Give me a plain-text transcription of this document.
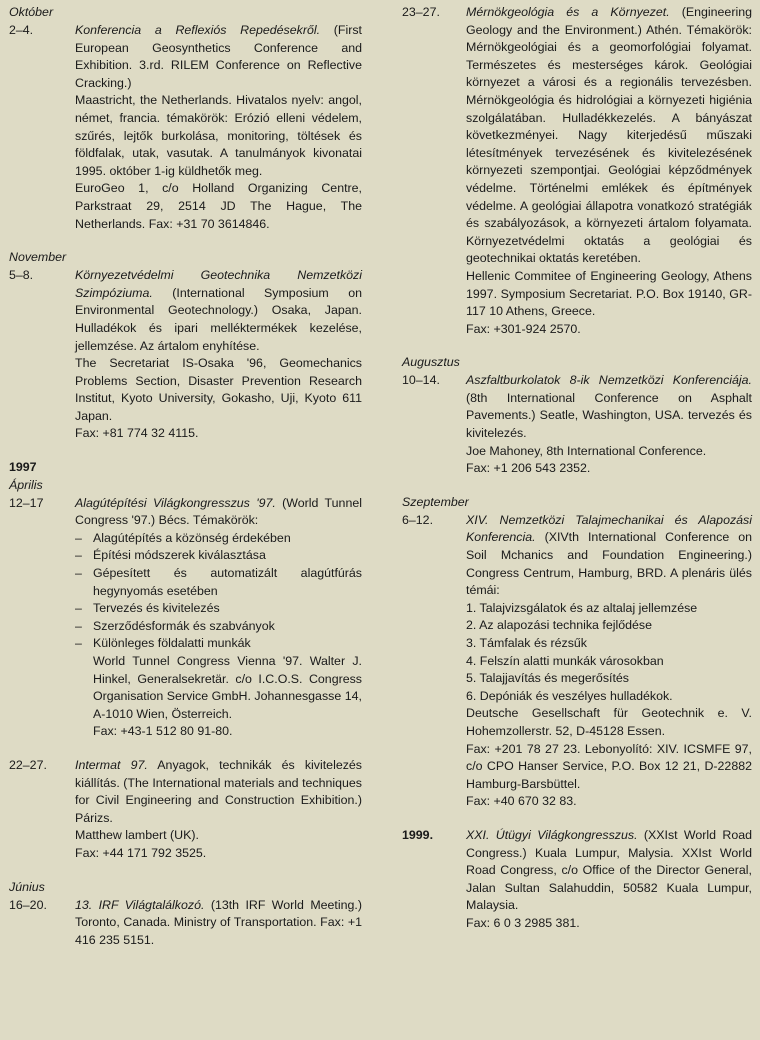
Október
2–4.	Konferencia a Reflexiós Repedésekről. (First European Geosynthetics Conference and Exhibition. 3.rd. RILEM Conference on Reflective Cracking.)
Maastricht, the Netherlands. Hivatalos nyelv: angol, német, francia. témakörök: Erózió elleni védelem, szűrés, lejtők burkolása, monitoring, töltések és földfalak, utak, vasutak. A tanulmányok kivonatai 1995. október 1-ig küldhetők meg.
EuroGeo 1, c/o Holland Organizing Centre, Parkstraat 29, 2514 JD The Hague, The Netherlands. Fax: +31 70 3614846.
November
5–8.	Környezetvédelmi Geotechnika Nemzetközi Szimpóziuma. (International Symposium on Environmental Geotechnology.) Osaka, Japan. Hulladékok és ipari melléktermékek kezelése, jellemzése. Az ártalom enyhítése.
The Secretariat IS-Osaka '96, Geomechanics Problems Section, Disaster Prevention Research Institut, Kyoto University, Gokasho, Uji, Kyoto 611 Japan.
Fax: +81 774 32 4115.
1997
Április
12–17	Alagútépítési Világkongresszus '97. (World Tunnel Congress '97.) Bécs. Témakörök:
– Alagútépítés a közönség érdekében
– Építési módszerek kiválasztása
– Gépesített és automatizált alagútfúrás hegynyomás esetében
– Tervezés és kivitelezés
– Szerződésformák és szabványok
– Különleges földalatti munkák
World Tunnel Congress Vienna '97. Walter J. Hinkel, Generalsekretär. c/o I.C.O.S. Congress Organisation Service GmbH. Johannesgasse 14, A-1010 Wien, Österreich.
Fax: +43-1 512 80 91-80.
22–27.	Intermat 97. Anyagok, technikák és kivitelezés kiállítás. (The International materials and techniques for Civil Engineering and Construction Exhibition.) Párizs.
Matthew lambert (UK).
Fax: +44 171 792 3525.
Június
16–20.	13. IRF Világtalálkozó. (13th IRF World Meeting.) Toronto, Canada. Ministry of Transportation. Fax: +1 416 235 5151.
23–27.	Mérnökgeológia és a Környezet. (Engineering Geology and the Environment.) Athén. Témakörök: Mérnökgeológiai és a geomorfológiai folyamat. Természetes és mesterséges károk. Geológiai környezet a városi és a regionális tervezésben. Mérnökgeológia és hidrológiai a környezeti higiénia szolgálatában. Hulladékkezelés. A bányászat következményei. Nagy kiterjedésű műszaki létesítmények tervezésének és kivitelezésének környezeti szempontjai. Geológiai képződmények védelme. Történelmi emlékek és építmények védelme. A geológiai állapotra vonatkozó stratégiák és szabályozások, a környezeti ártalom folyamata. Környezetvédelmi oktatás a geológiai és geotechnikai oktatás keretében.
Hellenic Commitee of Engineering Geology, Athens 1997. Symposium Secretariat. P.O. Box 19140, GR-117 10 Athens, Greece.
Fax: +301-924 2570.
Augusztus
10–14.	Aszfaltburkolatok 8-ik Nemzetközi Konferenciája. (8th International Conference on Asphalt Pavements.) Seatle, Washington, USA. tervezés és kivitelezés.
Joe Mahoney, 8th International Conference.
Fax: +1 206 543 2352.
Szeptember
6–12.	XIV. Nemzetközi Talajmechanikai és Alapozási Konferencia. (XIVth International Conference on Soil Mchanics and Foundation Engineering.) Congress Centrum, Hamburg, BRD. A plenáris ülés témái:
1. Talajvizsgálatok és az altalaj jellemzése
2. Az alapozási technika fejlődése
3. Támfalak és rézsűk
4. Felszín alatti munkák városokban
5. Talajjavítás és megerősítés
6. Depóniák és veszélyes hulladékok.
Deutsche Gesellschaft für Geotechnik e. V. Hohemzollerstr. 52, D-45128 Essen.
Fax: +201 78 27 23. Lebonyolító: XIV. ICSMFE 97, c/o CPO Hanser Service, P.O. Box 12 21, D-22882 Hamburg-Barsbüttel.
Fax: +40 670 32 83.
1999.	XXI. Útügyi Világkongresszus. (XXIst World Road Congress.) Kuala Lumpur, Malysia. XXIst World Road Congress, c/o Office of the Director General, Jalan Sultan Salahuddin, 50582 Kuala Lumpur, Malaysia.
Fax: 6 0 3 2985 381.
